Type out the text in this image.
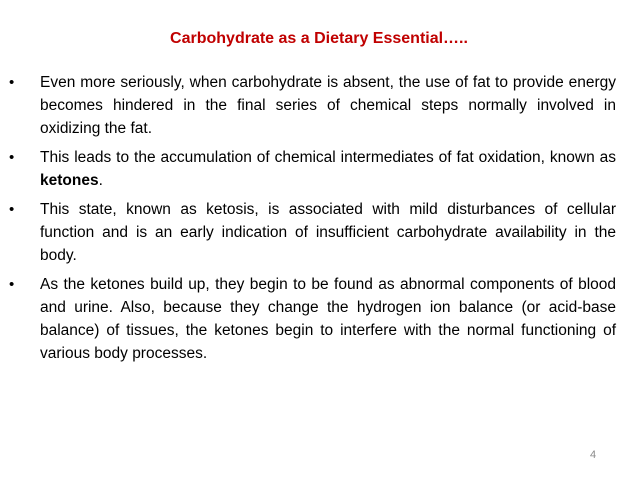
Carbohydrate as a Dietary Essential…..
• Even more seriously, when carbohydrate is absent, the use of fat to provide energy becomes hindered in the final series of chemical steps normally involved in oxidizing the fat.
• This leads to the accumulation of chemical intermediates of fat oxidation, known as ketones.
• This state, known as ketosis, is associated with mild disturbances of cellular function and is an early indication of insufficient carbohydrate availability in the body.
• As the ketones build up, they begin to be found as abnormal components of blood and urine. Also, because they change the hydrogen ion balance (or acid-base balance) of tissues, the ketones begin to interfere with the normal functioning of various body processes.
4
